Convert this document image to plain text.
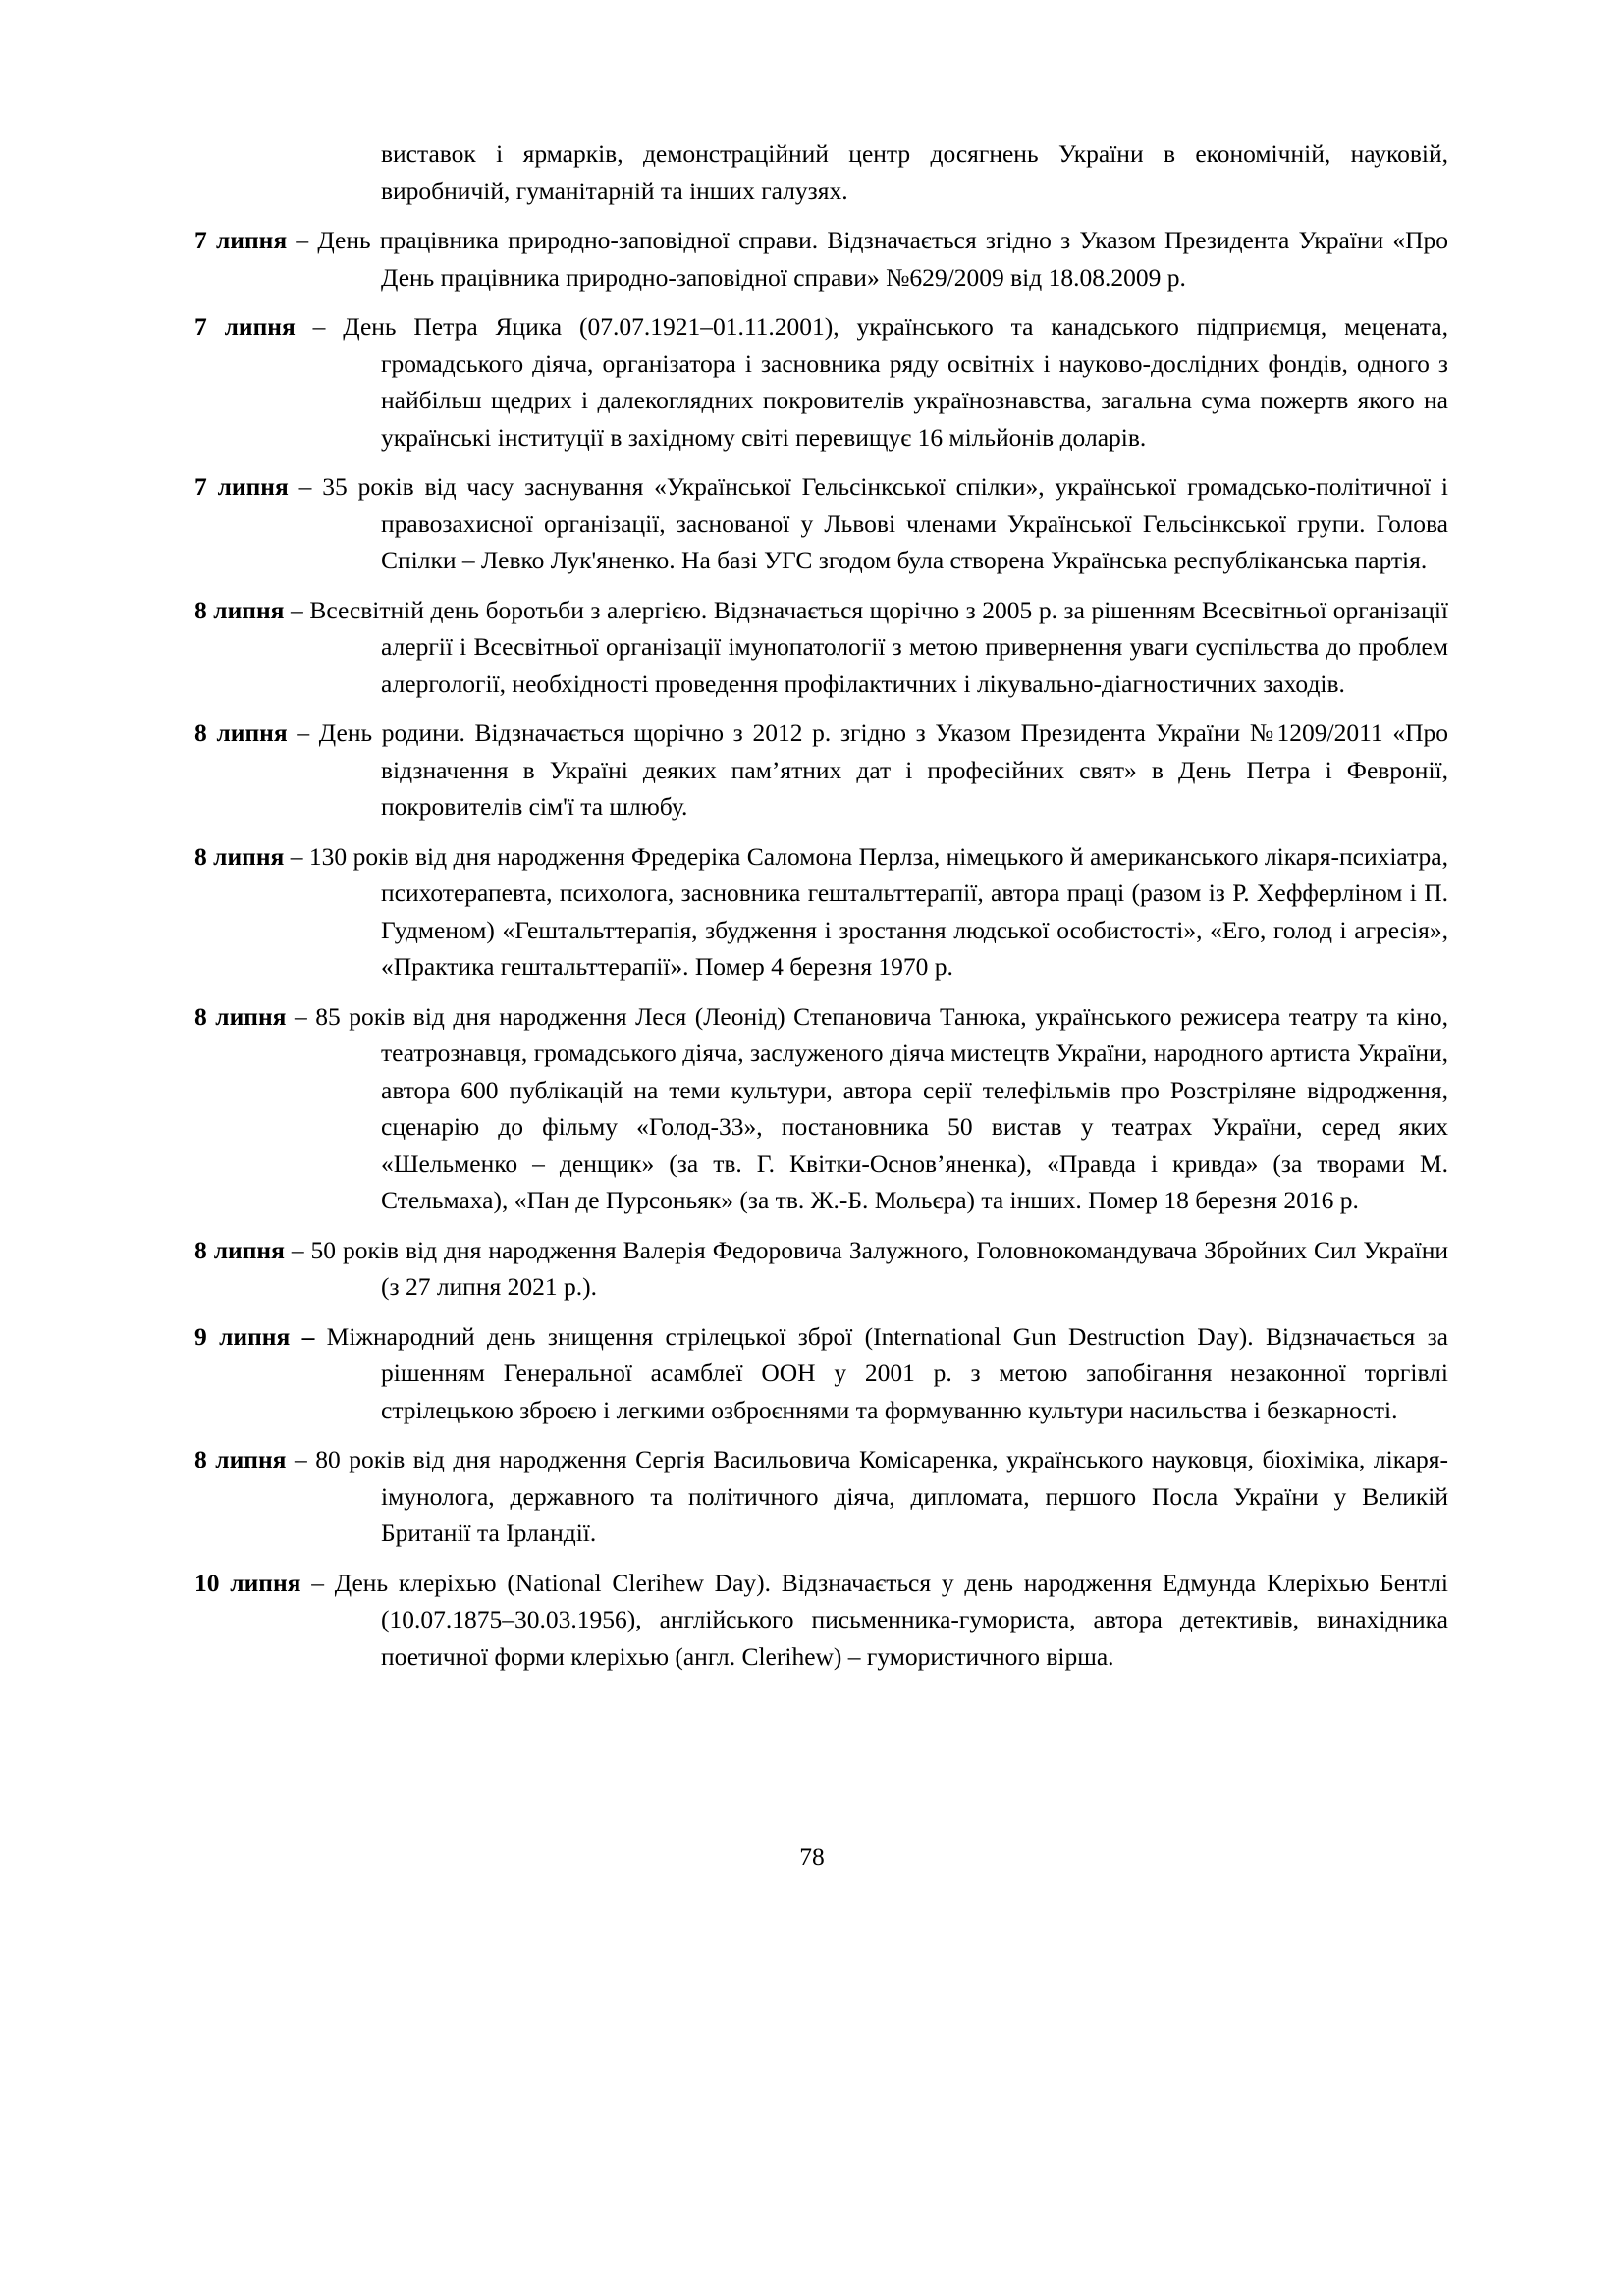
виставок і ярмарків, демонстраційний центр досягнень України в економічній, науковій, виробничій, гуманітарній та інших галузях.

7 липня – День працівника природно-заповідної справи. Відзначається згідно з Указом Президента України «Про День працівника природно-заповідної справи» №629/2009 від 18.08.2009 р.

7 липня – День Петра Яцика (07.07.1921–01.11.2001), українського та канадського підприємця, мецената, громадського діяча, організатора і засновника ряду освітніх і науково-дослідних фондів, одного з найбільш щедрих і далекоглядних покровителів українознавства, загальна сума пожертв якого на українські інституції в західному світі перевищує 16 мільйонів доларів.

7 липня – 35 років від часу заснування «Української Гельсінкської спілки», української громадсько-політичної і правозахисної організації, заснованої у Львові членами Української Гельсінкської групи. Голова Спілки – Левко Лук'яненко. На базі УГС згодом була створена Українська республіканська партія.

8 липня – Всесвітній день боротьби з алергією. Відзначається щорічно з 2005 р. за рішенням Всесвітньої організації алергії і Всесвітньої організації імунопатології з метою привернення уваги суспільства до проблем алергології, необхідності проведення профілактичних і лікувально-діагностичних заходів.

8 липня – День родини. Відзначається щорічно з 2012 р. згідно з Указом Президента України №1209/2011 «Про відзначення в Україні деяких пам’ятних дат і професійних свят» в День Петра і Февронії, покровителів сім'ї та шлюбу.

8 липня – 130 років від дня народження Фредеріка Саломона Перлза, німецького й американського лікаря-психіатра, психотерапевта, психолога, засновника гештальттерапії, автора праці (разом із Р. Хефферліном і П. Гудменом) «Гештальттерапія, збудження і зростання людської особистості», «Его, голод і агресія», «Практика гештальттерапії». Помер 4 березня 1970 р.

8 липня – 85 років від дня народження Леся (Леонід) Степановича Танюка, українського режисера театру та кіно, театрознавця, громадського діяча, заслуженого діяча мистецтв України, народного артиста України, автора 600 публікацій на теми культури, автора серії телефільмів про Розстріляне відродження, сценарію до фільму «Голод-33», постановника 50 вистав у театрах України, серед яких «Шельменко – денщик» (за тв. Г. Квітки-Основ’яненка), «Правда і кривда» (за творами М. Стельмаха), «Пан де Пурсоньяк» (за тв. Ж.-Б. Мольєра) та інших. Помер 18 березня 2016 р.

8 липня – 50 років від дня народження Валерія Федоровича Залужного, Головнокомандувача Збройних Сил України (з 27 липня 2021 р.).

9 липня – Міжнародний день знищення стрілецької зброї (International Gun Destruction Day). Відзначається за рішенням Генеральної асамблеї ООН у 2001 р. з метою запобігання незаконної торгівлі стрілецькою зброєю і легкими озброєннями та формуванню культури насильства і безкарності.

8 липня – 80 років від дня народження Сергія Васильовича Комісаренка, українського науковця, біохіміка, лікаря-імунолога, державного та політичного діяча, дипломата, першого Посла України у Великій Британії та Ірландії.

10 липня – День клеріхью (National Clerihew Day). Відзначається у день народження Едмунда Клеріхью Бентлі (10.07.1875–30.03.1956), англійського письменника-гумориста, автора детективів, винахідника поетичної форми клеріхью (англ. Clerihew) – гумористичного вірша.

78
